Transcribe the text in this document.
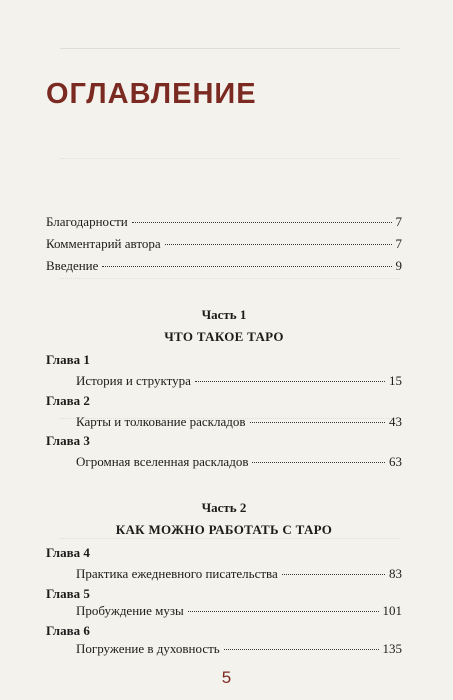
ОГЛАВЛЕНИЕ
Благодарности	7
Комментарий автора	7
Введение	9
Часть 1
ЧТО ТАКОЕ ТАРО
Глава 1
История и структура	15
Глава 2
Карты и толкование раскладов	43
Глава 3
Огромная вселенная раскладов	63
Часть 2
КАК МОЖНО РАБОТАТЬ С ТАРО
Глава 4
Практика ежедневного писательства	83
Глава 5
Пробуждение музы	101
Глава 6
Погружение в духовность	135
5
